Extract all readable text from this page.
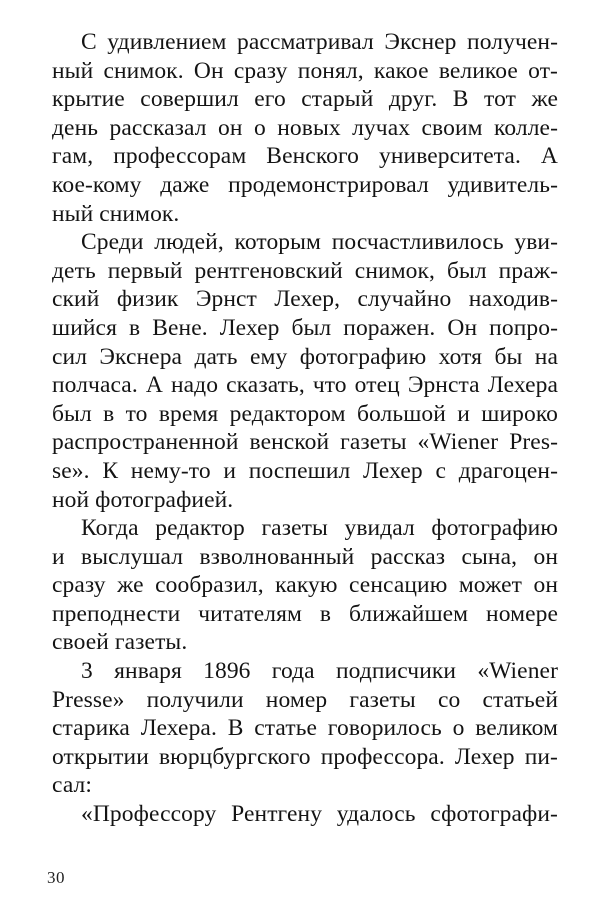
С удивлением рассматривал Экснер получен-
ный снимок. Он сразу понял, какое великое от-
крытие совершил его старый друг. В тот же
день рассказал он о новых лучах своим колле-
гам, профессорам Венского университета. А
кое-кому даже продемонстрировал удивитель-
ный снимок.
Среди людей, которым посчастливилось уви-
деть первый рентгеновский снимок, был праж-
ский физик Эрнст Лехер, случайно находив-
шийся в Вене. Лехер был поражен. Он попро-
сил Экснера дать ему фотографию хотя бы на
полчаса. А надо сказать, что отец Эрнста Лехера
был в то время редактором большой и широко
распространенной венской газеты «Wiener Pres-
se». К нему-то и поспешил Лехер с драгоцен-
ной фотографией.
Когда редактор газеты увидал фотографию
и выслушал взволнованный рассказ сына, он
сразу же сообразил, какую сенсацию может он
преподнести читателям в ближайшем номере
своей газеты.
3 января 1896 года подписчики «Wiener
Presse» получили номер газеты со статьей
старика Лехера. В статье говорилось о великом
открытии вюрцбургского профессора. Лехер пи-
сал:
«Профессору Рентгену удалось сфотографи-
30
